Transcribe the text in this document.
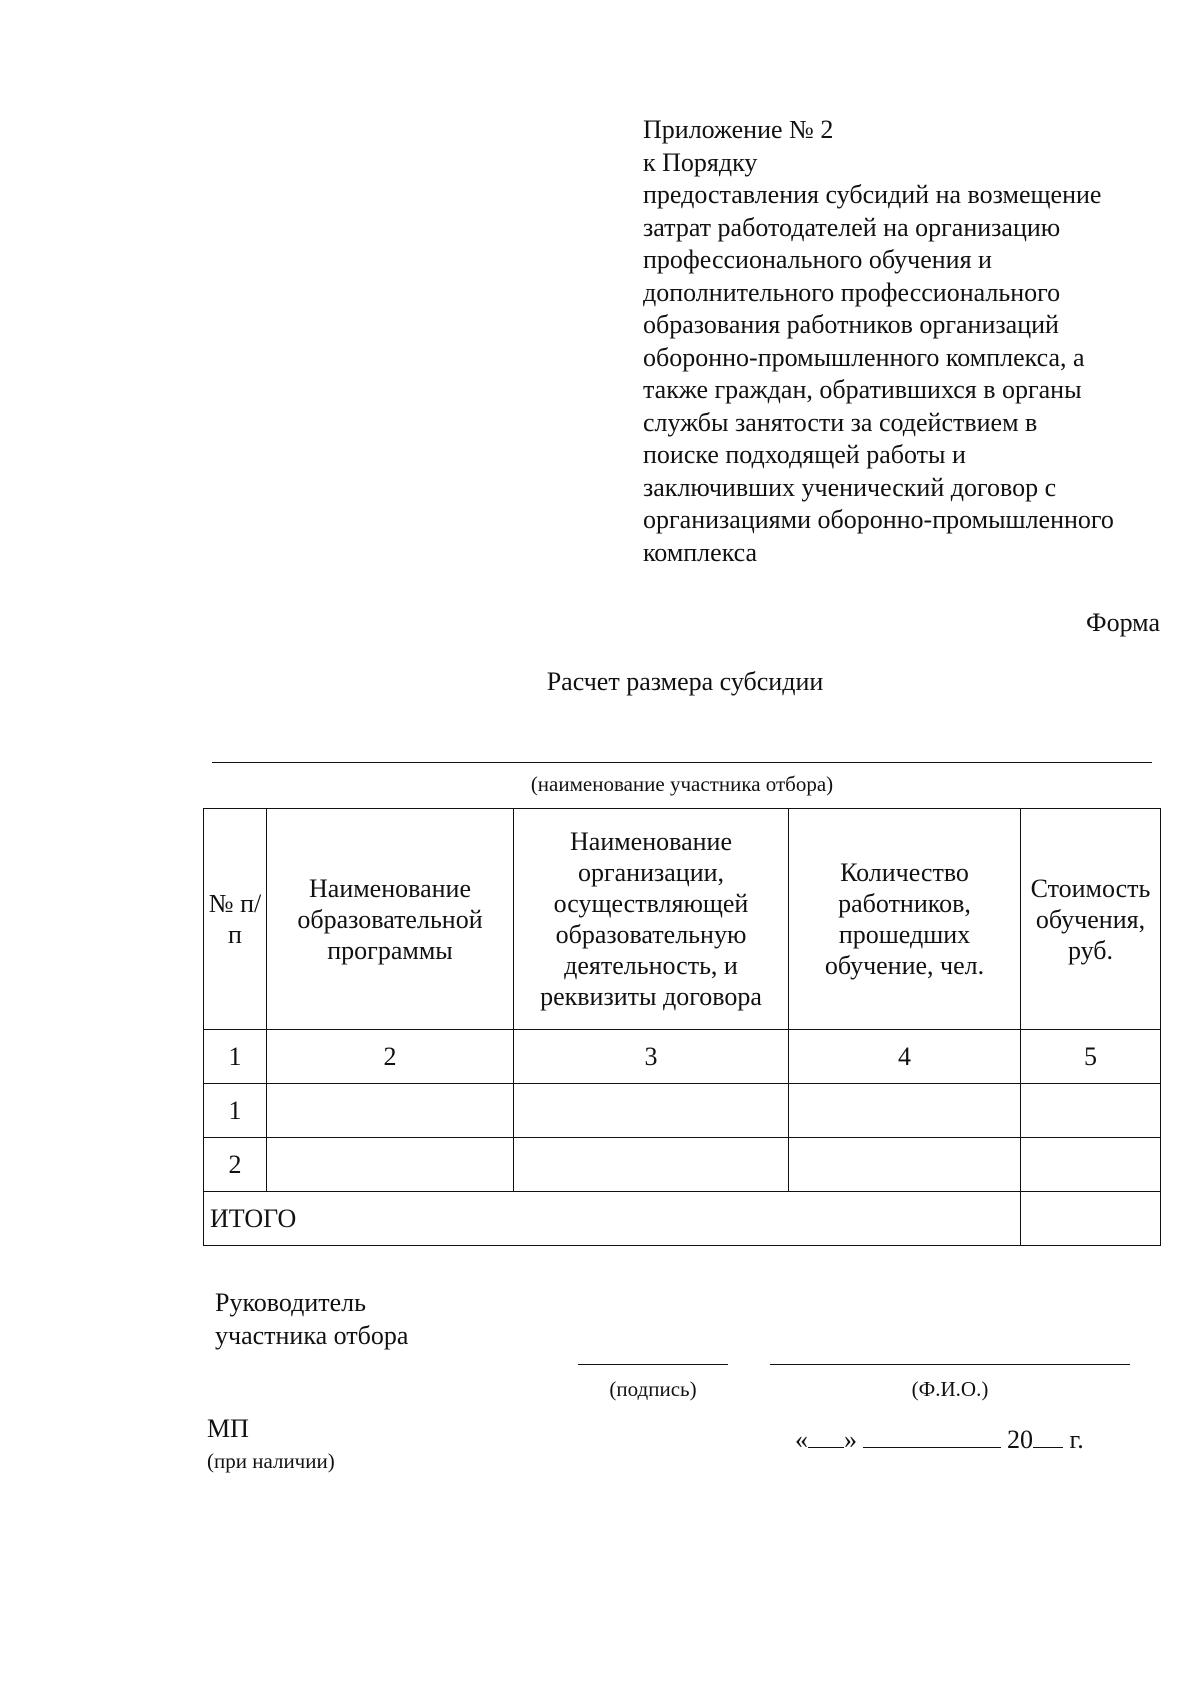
Приложение № 2
к Порядку
предоставления субсидий на возмещение
затрат работодателей на организацию
профессионального обучения и
дополнительного профессионального
образования работников организаций
оборонно-промышленного комплекса, а
также граждан, обратившихся в органы
службы занятости за содействием в
поиске подходящей работы и
заключивших ученический договор с
организациями оборонно-промышленного
комплекса
Форма
Расчет размера субсидии
(наименование участника отбора)
№ п/п	Наименование образовательной программы	Наименование организации, осуществляющей образовательную деятельность, и реквизиты договора	Количество работников, прошедших обучение, чел.	Стоимость обучения, руб.
1	2	3	4	5
1				
2				
ИТОГО				
Руководитель
участника отбора
(подпись)	(Ф.И.О.)
МП
(при наличии)
« »	20 г.
